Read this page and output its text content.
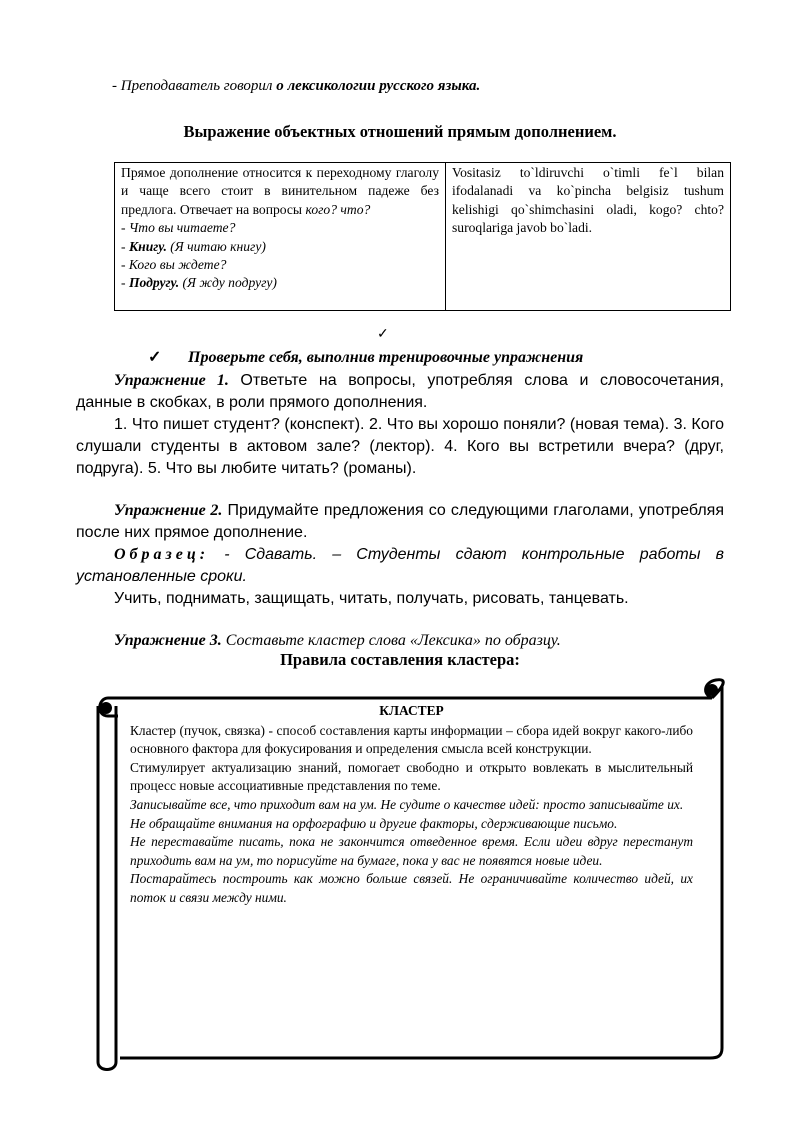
- Преподаватель говорил о лексикологии русского языка.
Выражение объектных отношений прямым дополнением.
Прямое дополнение относится к переходному глаголу и чаще всего стоит в винительном падеже без предлога. Отвечает на вопросы кого? что?
- Что вы читаете?
- Книгу. (Я читаю книгу)
- Кого вы ждете?
- Подругу. (Я жду подругу)	Vositasiz to`ldiruvchi o`timli fe`l bilan ifodalanadi va ko`pincha belgisiz tushum kelishigi qo`shimchasini oladi, kogo? chto? suroqlariga javob bo`ladi.
✓
✓ Проверьте себя, выполнив тренировочные упражнения
Упражнение 1. Ответьте на вопросы, употребляя слова и словосочетания, данные в скобках, в роли прямого дополнения.
1. Что пишет студент? (конспект). 2. Что вы хорошо поняли? (новая тема). 3. Кого слушали студенты в актовом зале? (лектор). 4. Кого вы встретили вчера? (друг, подруга). 5. Что вы любите читать? (романы).
Упражнение 2. Придумайте предложения со следующими глаголами, употребляя после них прямое дополнение.
Образец: - Сдавать. – Студенты сдают контрольные работы в установленные сроки.
Учить, поднимать, защищать, читать, получать, рисовать, танцевать.
Упражнение 3. Составьте кластер слова «Лексика» по образцу.
Правила составления кластера:
КЛАСТЕР

Кластер (пучок, связка) - способ составления карты информации – сбора идей вокруг какого-либо основного фактора для фокусирования и определения смысла всей конструкции.

Стимулирует актуализацию знаний, помогает свободно и открыто вовлекать в мыслительный процесс новые ассоциативные представления по теме.

Записывайте все, что приходит вам на ум. Не судите о качестве идей: просто записывайте их.

Не обращайте внимания на орфографию и другие факторы, сдерживающие письмо.

Не переставайте писать, пока не закончится отведенное время. Если идеи вдруг перестанут приходить вам на ум, то порисуйте на бумаге, пока у вас не появятся новые идеи.

Постарайтесь построить как можно больше связей. Не ограничивайте количество идей, их поток и связи между ними.
